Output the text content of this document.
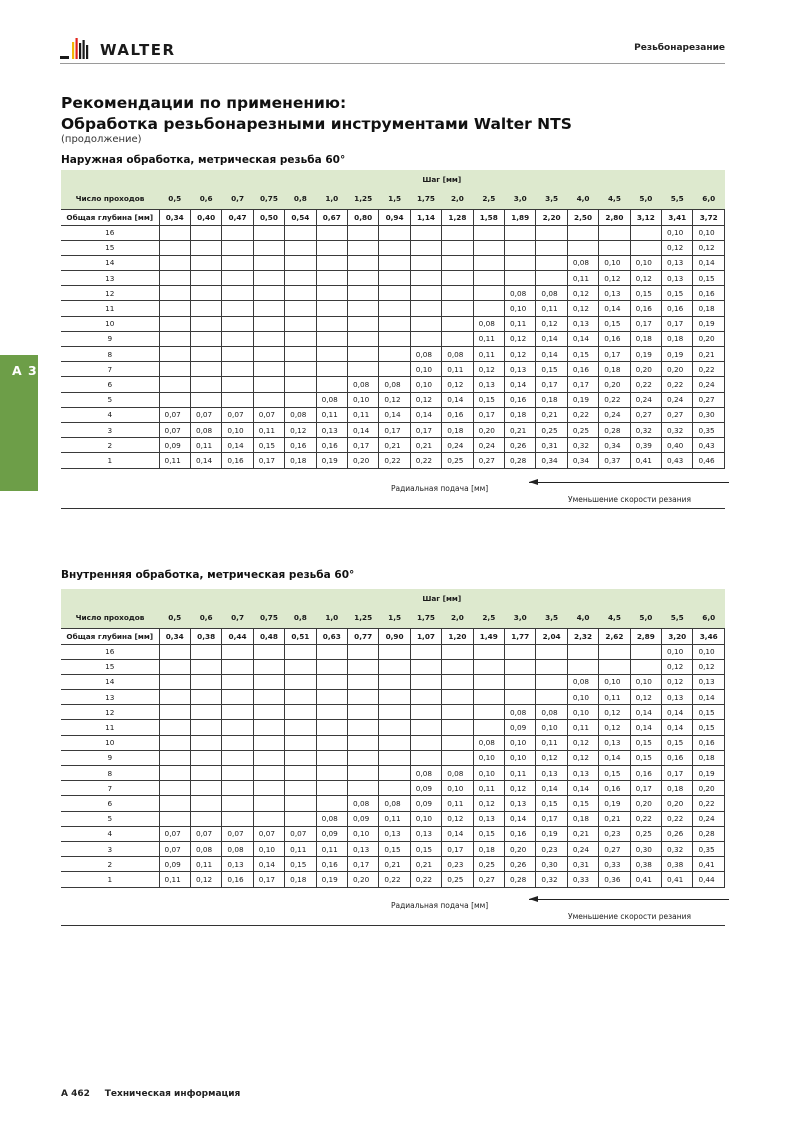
WALTER	Резьбонарезание
Рекомендации по применению:
Обработка резьбонарезными инструментами Walter NTS
(продолжение)
A 3
Наружная обработка, метрическая резьба 60°
	Шаг [мм]																	
Число проходов	0,5	0,6	0,7	0,75	0,8	1,0	1,25	1,5	1,75	2,0	2,5	3,0	3,5	4,0	4,5	5,0	5,5	6,0
Общая глубина [мм]	0,34	0,40	0,47	0,50	0,54	0,67	0,80	0,94	1,14	1,28	1,58	1,89	2,20	2,50	2,80	3,12	3,41	3,72
16																	0,10	0,10
15																	0,12	0,12
14														0,08	0,10	0,10	0,13	0,14
13														0,11	0,12	0,12	0,13	0,15
12												0,08	0,08	0,12	0,13	0,15	0,15	0,16
11												0,10	0,11	0,12	0,14	0,16	0,16	0,18
10											0,08	0,11	0,12	0,13	0,15	0,17	0,17	0,19
9											0,11	0,12	0,14	0,14	0,16	0,18	0,18	0,20
8									0,08	0,08	0,11	0,12	0,14	0,15	0,17	0,19	0,19	0,21
7									0,10	0,11	0,12	0,13	0,15	0,16	0,18	0,20	0,20	0,22
6							0,08	0,08	0,10	0,12	0,13	0,14	0,17	0,17	0,20	0,22	0,22	0,24
5						0,08	0,10	0,12	0,12	0,14	0,15	0,16	0,18	0,19	0,22	0,24	0,24	0,27
4	0,07	0,07	0,07	0,07	0,08	0,11	0,11	0,14	0,14	0,16	0,17	0,18	0,21	0,22	0,24	0,27	0,27	0,30
3	0,07	0,08	0,10	0,11	0,12	0,13	0,14	0,17	0,17	0,18	0,20	0,21	0,25	0,25	0,28	0,32	0,32	0,35
2	0,09	0,11	0,14	0,15	0,16	0,16	0,17	0,21	0,21	0,24	0,24	0,26	0,31	0,32	0,34	0,39	0,40	0,43
1	0,11	0,14	0,16	0,17	0,18	0,19	0,20	0,22	0,22	0,25	0,27	0,28	0,34	0,34	0,37	0,41	0,43	0,46
Радиальная подача [мм]
Уменьшение скорости резания
Внутренняя обработка, метрическая резьба 60°
	Шаг [мм]																	
Число проходов	0,5	0,6	0,7	0,75	0,8	1,0	1,25	1,5	1,75	2,0	2,5	3,0	3,5	4,0	4,5	5,0	5,5	6,0
Общая глубина [мм]	0,34	0,38	0,44	0,48	0,51	0,63	0,77	0,90	1,07	1,20	1,49	1,77	2,04	2,32	2,62	2,89	3,20	3,46
16																	0,10	0,10
15																	0,12	0,12
14														0,08	0,10	0,10	0,12	0,13
13														0,10	0,11	0,12	0,13	0,14
12												0,08	0,08	0,10	0,12	0,14	0,14	0,15
11												0,09	0,10	0,11	0,12	0,14	0,14	0,15
10											0,08	0,10	0,11	0,12	0,13	0,15	0,15	0,16
9											0,10	0,10	0,12	0,12	0,14	0,15	0,16	0,18
8									0,08	0,08	0,10	0,11	0,13	0,13	0,15	0,16	0,17	0,19
7									0,09	0,10	0,11	0,12	0,14	0,14	0,16	0,17	0,18	0,20
6							0,08	0,08	0,09	0,11	0,12	0,13	0,15	0,15	0,19	0,20	0,20	0,22
5						0,08	0,09	0,11	0,10	0,12	0,13	0,14	0,17	0,18	0,21	0,22	0,22	0,24
4	0,07	0,07	0,07	0,07	0,07	0,09	0,10	0,13	0,13	0,14	0,15	0,16	0,19	0,21	0,23	0,25	0,26	0,28
3	0,07	0,08	0,08	0,10	0,11	0,11	0,13	0,15	0,15	0,17	0,18	0,20	0,23	0,24	0,27	0,30	0,32	0,35
2	0,09	0,11	0,13	0,14	0,15	0,16	0,17	0,21	0,21	0,23	0,25	0,26	0,30	0,31	0,33	0,38	0,38	0,41
1	0,11	0,12	0,16	0,17	0,18	0,19	0,20	0,22	0,22	0,25	0,27	0,28	0,32	0,33	0,36	0,41	0,41	0,44
Радиальная подача [мм]
Уменьшение скорости резания
A 462 Техническая информация
